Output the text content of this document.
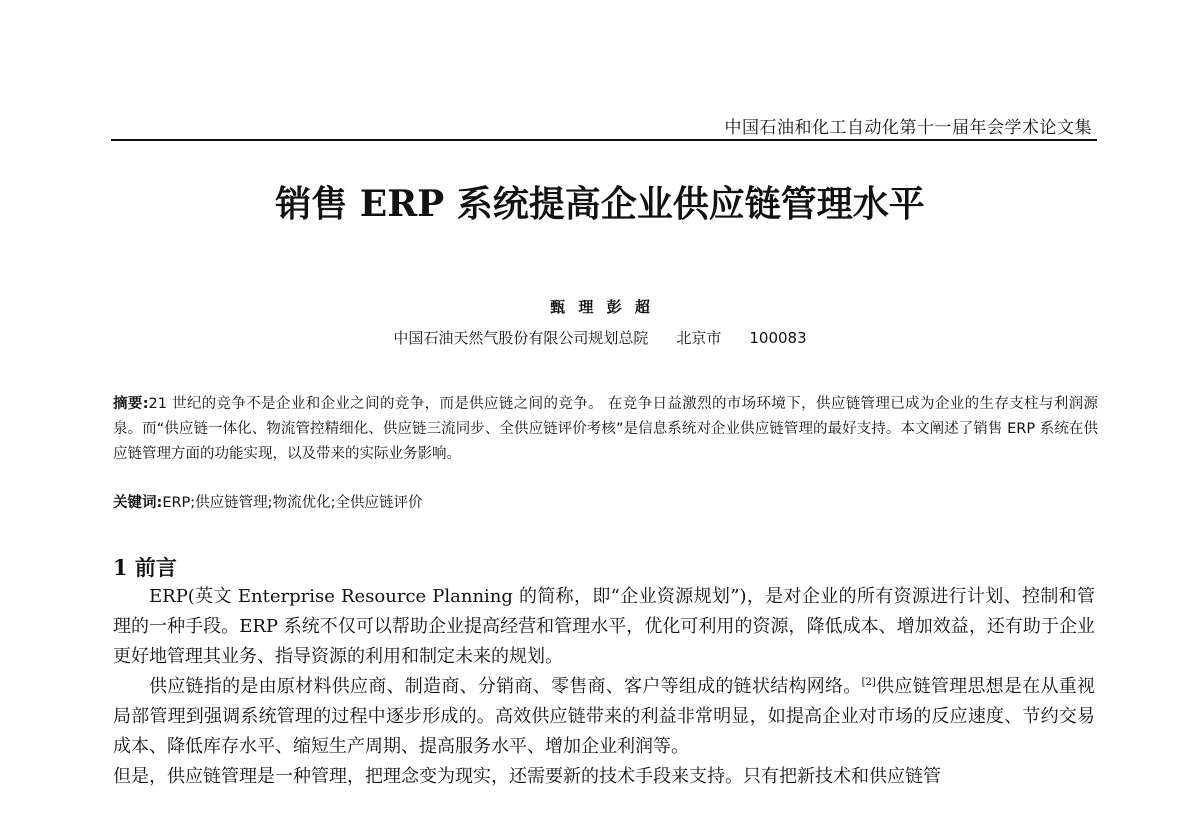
中国石油和化工自动化第十一届年会学术论文集
销售 ERP 系统提高企业供应链管理水平
甄 理 彭 超
中国石油天然气股份有限公司规划总院 北京市 100083
摘要:21 世纪的竞争不是企业和企业之间的竞争，而是供应链之间的竞争。 在竞争日益激烈的市场环境下，供应链管理已成为企业的生存支柱与利润源泉。而“供应链一体化、物流管控精细化、供应链三流同步、全供应链评价考核”是信息系统对企业供应链管理的最好支持。本文阐述了销售 ERP 系统在供应链管理方面的功能实现，以及带来的实际业务影响。
关键词:ERP;供应链管理;物流优化;全供应链评价
1 前言

ERP(英文 Enterprise Resource Planning 的简称，即“企业资源规划”)，是对企业的所有资源进行计划、控制和管理的一种手段。ERP 系统不仅可以帮助企业提高经营和管理水平，优化可利用的资源，降低成本、增加效益，还有助于企业更好地管理其业务、指导资源的利用和制定未来的规划。

供应链指的是由原材料供应商、制造商、分销商、零售商、客户等组成的链状结构网络。[2]供应链管理思想是在从重视局部管理到强调系统管理的过程中逐步形成的。高效供应链带来的利益非常明显，如提高企业对市场的反应速度、节约交易成本、降低库存水平、缩短生产周期、提高服务水平、增加企业利润等。

但是，供应链管理是一种管理，把理念变为现实，还需要新的技术手段来支持。只有把新技术和供应链管
